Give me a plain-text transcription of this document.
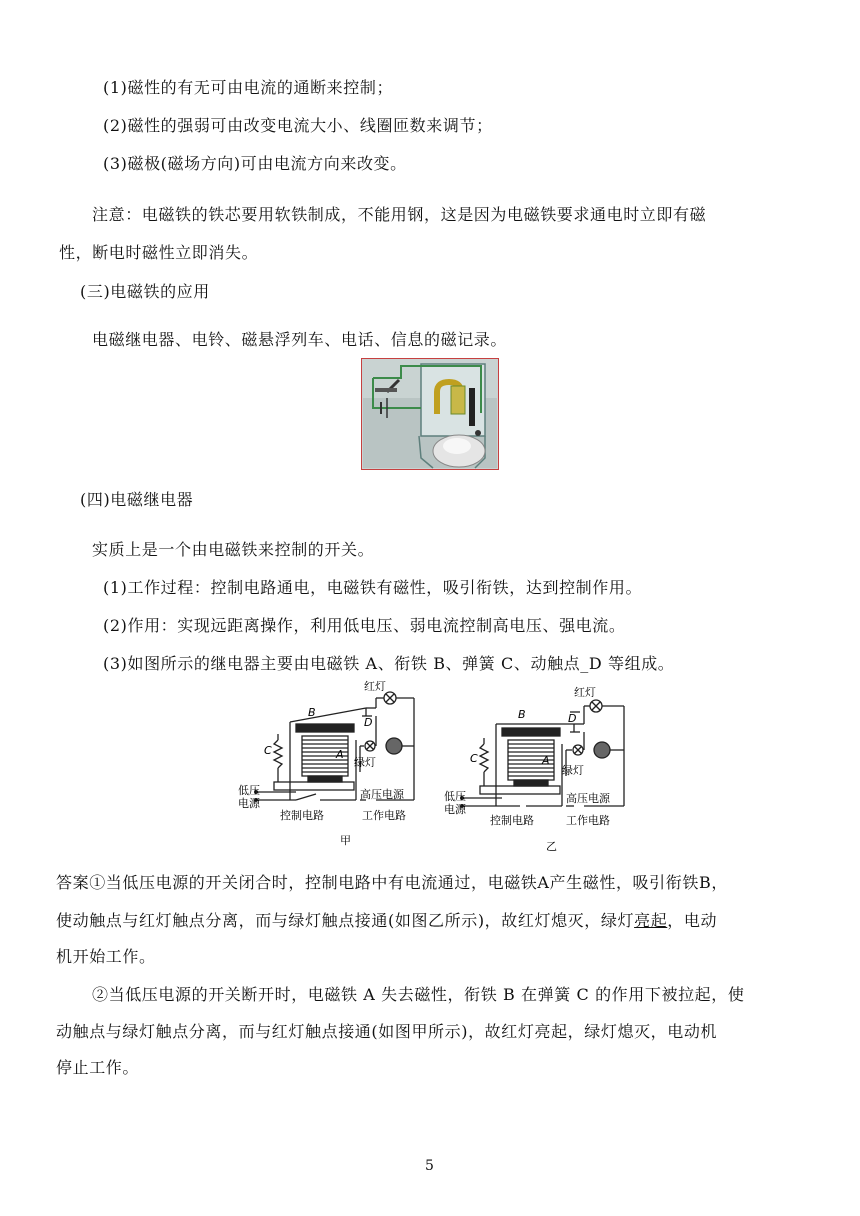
(1)磁性的有无可由电流的通断来控制；
(2)磁性的强弱可由改变电流大小、线圈匝数来调节；
(3)磁极(磁场方向)可由电流方向来改变。
注意：电磁铁的铁芯要用软铁制成，不能用钢，这是因为电磁铁要求通电时立即有磁
性，断电时磁性立即消失。
(三)电磁铁的应用
电磁继电器、电铃、磁悬浮列车、电话、信息的磁记录。
(四)电磁继电器
实质上是一个由电磁铁来控制的开关。
(1)工作过程：控制电路通电，电磁铁有磁性，吸引衔铁，达到控制作用。
(2)作用：实现远距离操作，利用低电压、弱电流控制高电压、强电流。
(3)如图所示的继电器主要由电磁铁 A、衔铁 B、弹簧 C、动触点_D 等组成。
B
C	A
D
红灯
绿灯
低压
电源
控制电路
高压电源
工作电路
甲
B
C	A
D
红灯
绿灯
低压
电源
控制电路
高压电源
工作电路
乙
答案①当低压电源的开关闭合时，控制电路中有电流通过，电磁铁A产生磁性，吸引衔铁B，
使动触点与红灯触点分离，而与绿灯触点接通(如图乙所示)，故红灯熄灭，绿灯亮起，电动
机开始工作。
②当低压电源的开关断开时，电磁铁 A 失去磁性，衔铁 B 在弹簧 C 的作用下被拉起，使
动触点与绿灯触点分离，而与红灯触点接通(如图甲所示)，故红灯亮起，绿灯熄灭，电动机
停止工作。
5
